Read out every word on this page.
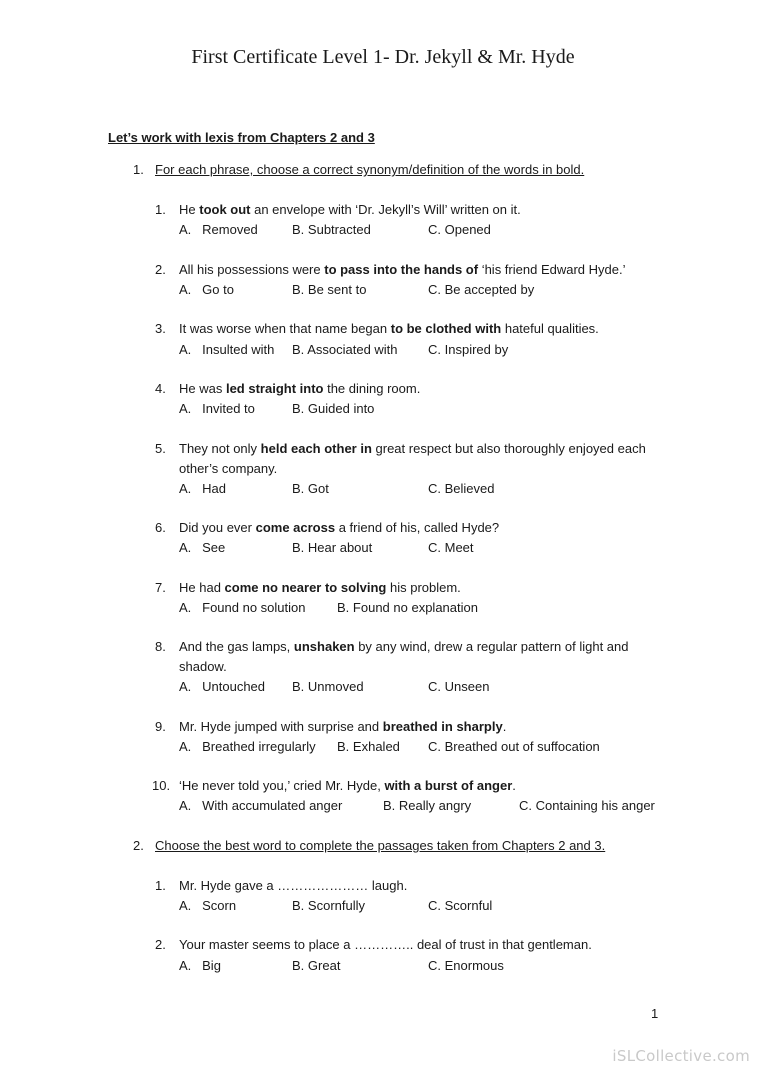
First Certificate Level 1- Dr. Jekyll & Mr. Hyde
Let’s work with lexis from Chapters 2 and 3
1. For each phrase, choose a correct synonym/definition of the words in bold.
1. He took out an envelope with ‘Dr. Jekyll’s Will’ written on it.
A. Removed	B. Subtracted	C. Opened
2. All his possessions were to pass into the hands of ‘his friend Edward Hyde.’
A. Go to	B. Be sent to	C. Be accepted by
3. It was worse when that name began to be clothed with hateful qualities.
A. Insulted with B. Associated with C. Inspired by
4. He was led straight into the dining room.
A. Invited to	B. Guided into
5. They not only held each other in great respect but also thoroughly enjoyed each
other’s company.
A. Had	B. Got	C. Believed
6. Did you ever come across a friend of his, called Hyde?
A. See	B. Hear about	C. Meet
7. He had come no nearer to solving his problem.
A. Found no solution B. Found no explanation
8. And the gas lamps, unshaken by any wind, drew a regular pattern of light and
shadow.
A. Untouched B. Unmoved	C. Unseen
9. Mr. Hyde jumped with surprise and breathed in sharply.
A. Breathed irregularly B. Exhaled C. Breathed out of suffocation
10. ‘He never told you,’ cried Mr. Hyde, with a burst of anger.
A. With accumulated anger	B. Really angry	C. Containing his anger
2. Choose the best word to complete the passages taken from Chapters 2 and 3.
1. Mr. Hyde gave a ………………… laugh.
A. Scorn	B. Scornfully	C. Scornful
2. Your master seems to place a ………….. deal of trust in that gentleman.
A. Big	B. Great	C. Enormous
1
iSLCollective.com
